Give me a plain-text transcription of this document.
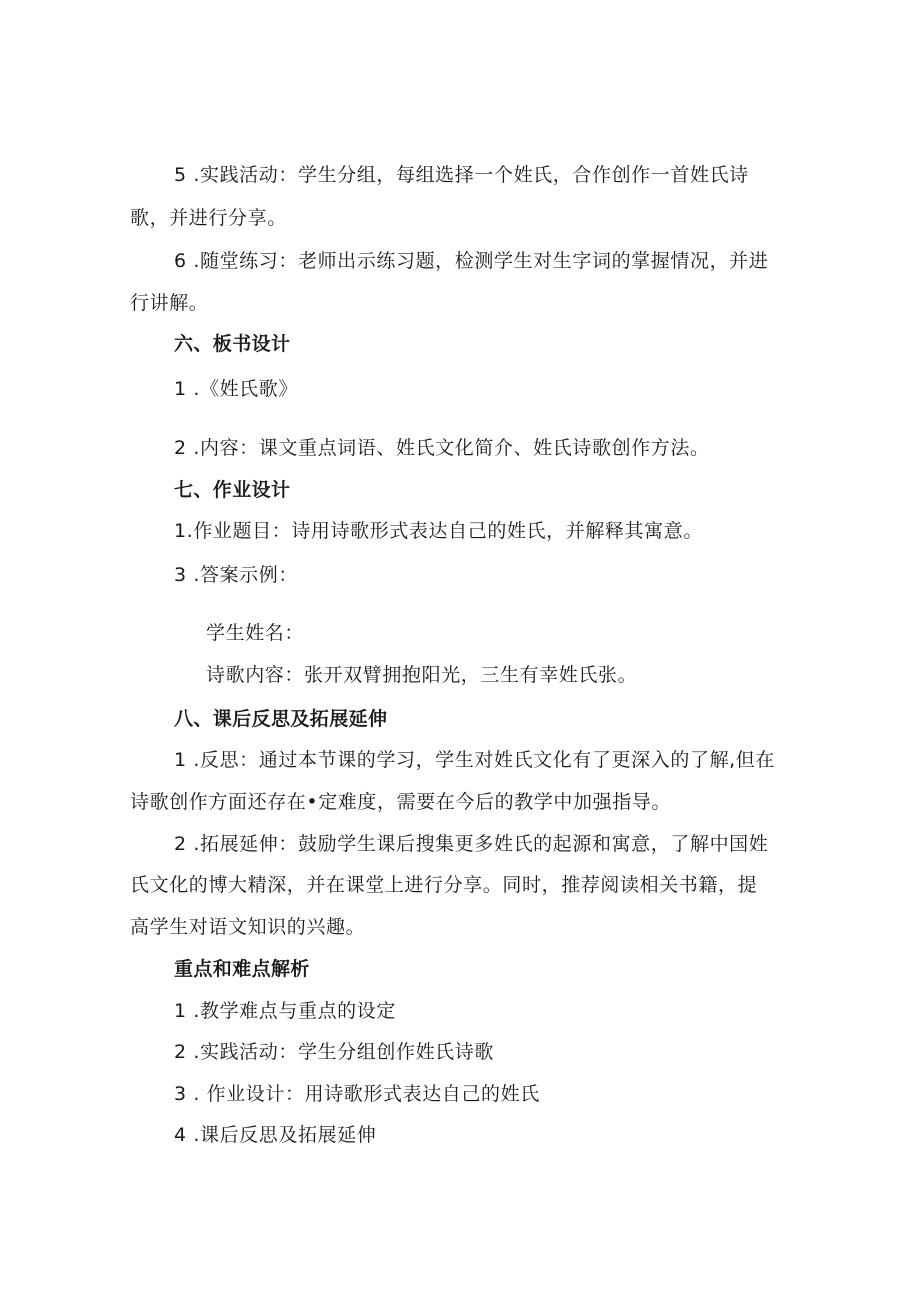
5 .实践活动：学生分组，每组选择一个姓氏，合作创作一首姓氏诗
歌，并进行分享。
6 .随堂练习：老师出示练习题，检测学生对生字词的掌握情况，并进
行讲解。
六、板书设计
1 .《姓氏歌》
2 .内容：课文重点词语、姓氏文化简介、姓氏诗歌创作方法。
七、作业设计
1.作业题目：诗用诗歌形式表达自己的姓氏，并解释其寓意。
3 .答案示例：
学生姓名：
诗歌内容：张开双臂拥抱阳光，三生有幸姓氏张。
八、课后反思及拓展延伸
1 .反思：通过本节课的学习，学生对姓氏文化有了更深入的了解,但在
诗歌创作方面还存在•定难度，需要在今后的教学中加强指导。
2 .拓展延伸：鼓励学生课后搜集更多姓氏的起源和寓意，了解中国姓
氏文化的博大精深，并在课堂上进行分享。同时，推荐阅读相关书籍，提
高学生对语文知识的兴趣。
重点和难点解析
1 .教学难点与重点的设定
2 .实践活动：学生分组创作姓氏诗歌
3 . 作业设计：用诗歌形式表达自己的姓氏
4 .课后反思及拓展延伸
